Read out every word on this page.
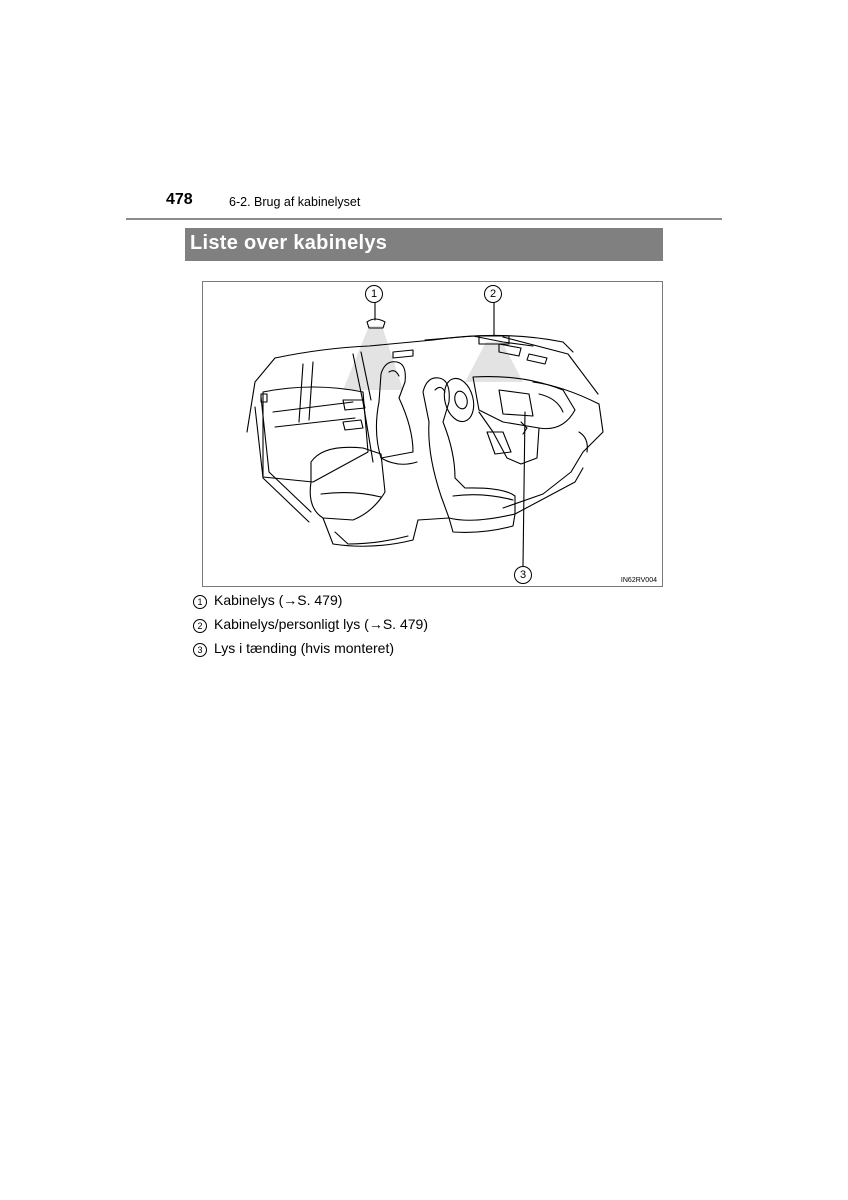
478	6-2. Brug af kabinelyset
Liste over kabinelys
1	2
3	IN62RV004
1 Kabinelys (→S. 479)
2 Kabinelys/personligt lys (→S. 479)
3 Lys i tænding (hvis monteret)
